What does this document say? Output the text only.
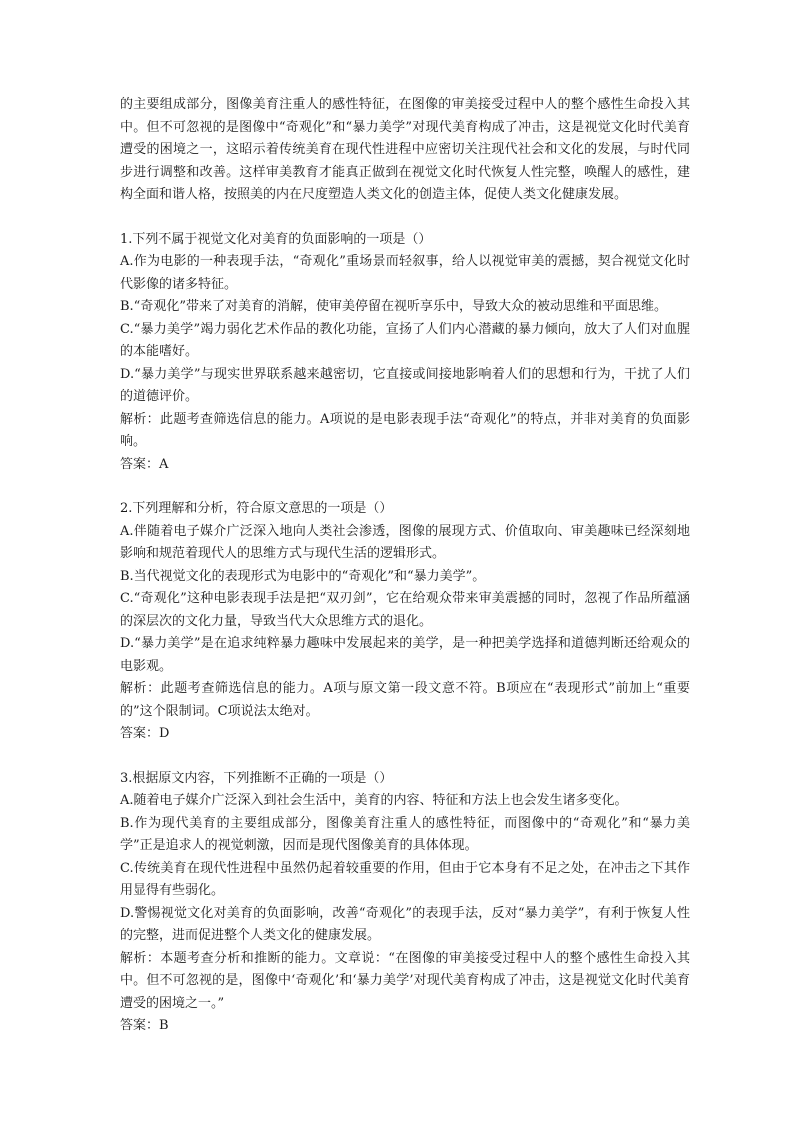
的主要组成部分，图像美育注重人的感性特征，在图像的审美接受过程中人的整个感性生命投入其中。但不可忽视的是图像中“奇观化”和“暴力美学”对现代美育构成了冲击，这是视觉文化时代美育遭受的困境之一，这昭示着传统美育在现代性进程中应密切关注现代社会和文化的发展，与时代同步进行调整和改善。这样审美教育才能真正做到在视觉文化时代恢复人性完整，唤醒人的感性，建构全面和谐人格，按照美的内在尺度塑造人类文化的创造主体，促使人类文化健康发展。

1.下列不属于视觉文化对美育的负面影响的一项是（）

A.作为电影的一种表现手法，“奇观化”重场景而轻叙事，给人以视觉审美的震撼，契合视觉文化时代影像的诸多特征。

B.“奇观化”带来了对美育的消解，使审美停留在视听享乐中，导致大众的被动思维和平面思维。

C.“暴力美学”竭力弱化艺术作品的教化功能，宣扬了人们内心潜藏的暴力倾向，放大了人们对血腥的本能嗜好。

D.“暴力美学”与现实世界联系越来越密切，它直接或间接地影响着人们的思想和行为，干扰了人们的道德评价。

解析：此题考查筛选信息的能力。A项说的是电影表现手法“奇观化”的特点，并非对美育的负面影响。

答案：A

2.下列理解和分析，符合原文意思的一项是（）

A.伴随着电子媒介广泛深入地向人类社会渗透，图像的展现方式、价值取向、审美趣味已经深刻地影响和规范着现代人的思维方式与现代生活的逻辑形式。

B.当代视觉文化的表现形式为电影中的“奇观化”和“暴力美学”。

C.“奇观化”这种电影表现手法是把“双刃剑”，它在给观众带来审美震撼的同时，忽视了作品所蕴涵的深层次的文化力量，导致当代大众思维方式的退化。

D.“暴力美学”是在追求纯粹暴力趣味中发展起来的美学，是一种把美学选择和道德判断还给观众的电影观。

解析：此题考查筛选信息的能力。A项与原文第一段文意不符。B项应在“表现形式”前加上“重要的”这个限制词。C项说法太绝对。

答案：D

3.根据原文内容，下列推断不正确的一项是（）

A.随着电子媒介广泛深入到社会生活中，美育的内容、特征和方法上也会发生诸多变化。

B.作为现代美育的主要组成部分，图像美育注重人的感性特征，而图像中的“奇观化”和“暴力美学”正是追求人的视觉刺激，因而是现代图像美育的具体体现。

C.传统美育在现代性进程中虽然仍起着较重要的作用，但由于它本身有不足之处，在冲击之下其作用显得有些弱化。

D.警惕视觉文化对美育的负面影响，改善“奇观化”的表现手法，反对“暴力美学”，有利于恢复人性的完整，进而促进整个人类文化的健康发展。

解析：本题考查分析和推断的能力。文章说：“在图像的审美接受过程中人的整个感性生命投入其中。但不可忽视的是，图像中‘奇观化’和‘暴力美学’对现代美育构成了冲击，这是视觉文化时代美育遭受的困境之一。”

答案：B
